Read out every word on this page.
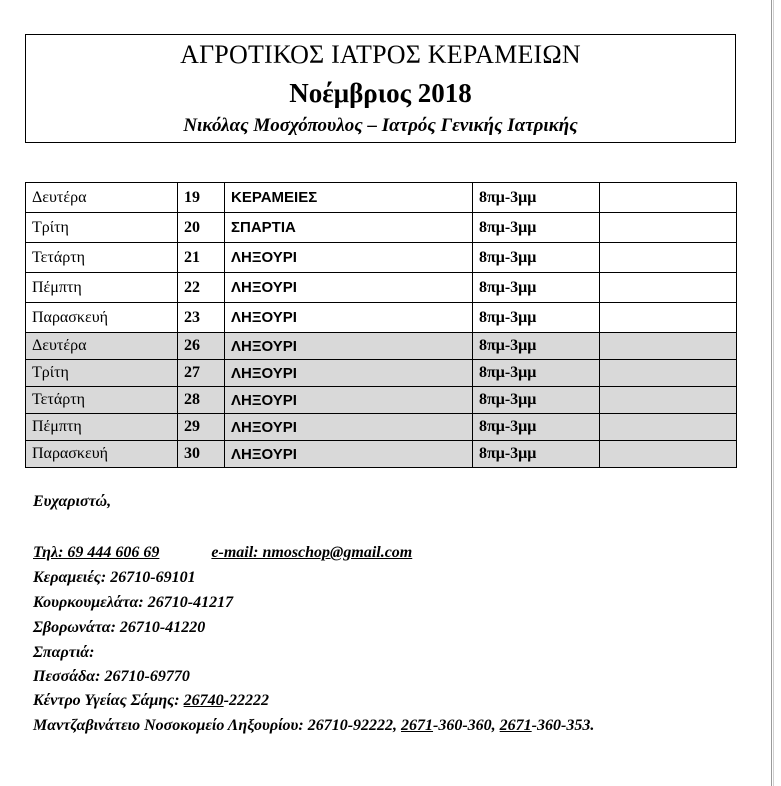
ΑΓΡΟΤΙΚΟΣ ΙΑΤΡΟΣ ΚΕΡΑΜΕΙΩΝ
Νοέμβριος 2018
Νικόλας Μοσχόπουλος – Ιατρός Γενικής Ιατρικής
Δευτέρα	19	ΚΕΡΑΜΕΙΕΣ	8πμ-3μμ	
Τρίτη	20	ΣΠΑΡΤΙΑ	8πμ-3μμ	
Τετάρτη	21	ΛΗΞΟΥΡΙ	8πμ-3μμ	
Πέμπτη	22	ΛΗΞΟΥΡΙ	8πμ-3μμ	
Παρασκευή	23	ΛΗΞΟΥΡΙ	8πμ-3μμ	
Δευτέρα	26	ΛΗΞΟΥΡΙ	8πμ-3μμ	
Τρίτη	27	ΛΗΞΟΥΡΙ	8πμ-3μμ	
Τετάρτη	28	ΛΗΞΟΥΡΙ	8πμ-3μμ	
Πέμπτη	29	ΛΗΞΟΥΡΙ	8πμ-3μμ	
Παρασκευή	30	ΛΗΞΟΥΡΙ	8πμ-3μμ	
Ευχαριστώ,
Τηλ: 69 444 606 69	e-mail: nmoschop@gmail.com
Κεραμειές: 26710-69101
Κουρκουμελάτα: 26710-41217
Σβορωνάτα: 26710-41220
Σπαρτιά:
Πεσσάδα: 26710-69770
Κέντρο Υγείας Σάμης: 26740-22222
Μαντζαβινάτειο Νοσοκομείο Ληξουρίου: 26710-92222, 2671-360-360, 2671-360-353.
